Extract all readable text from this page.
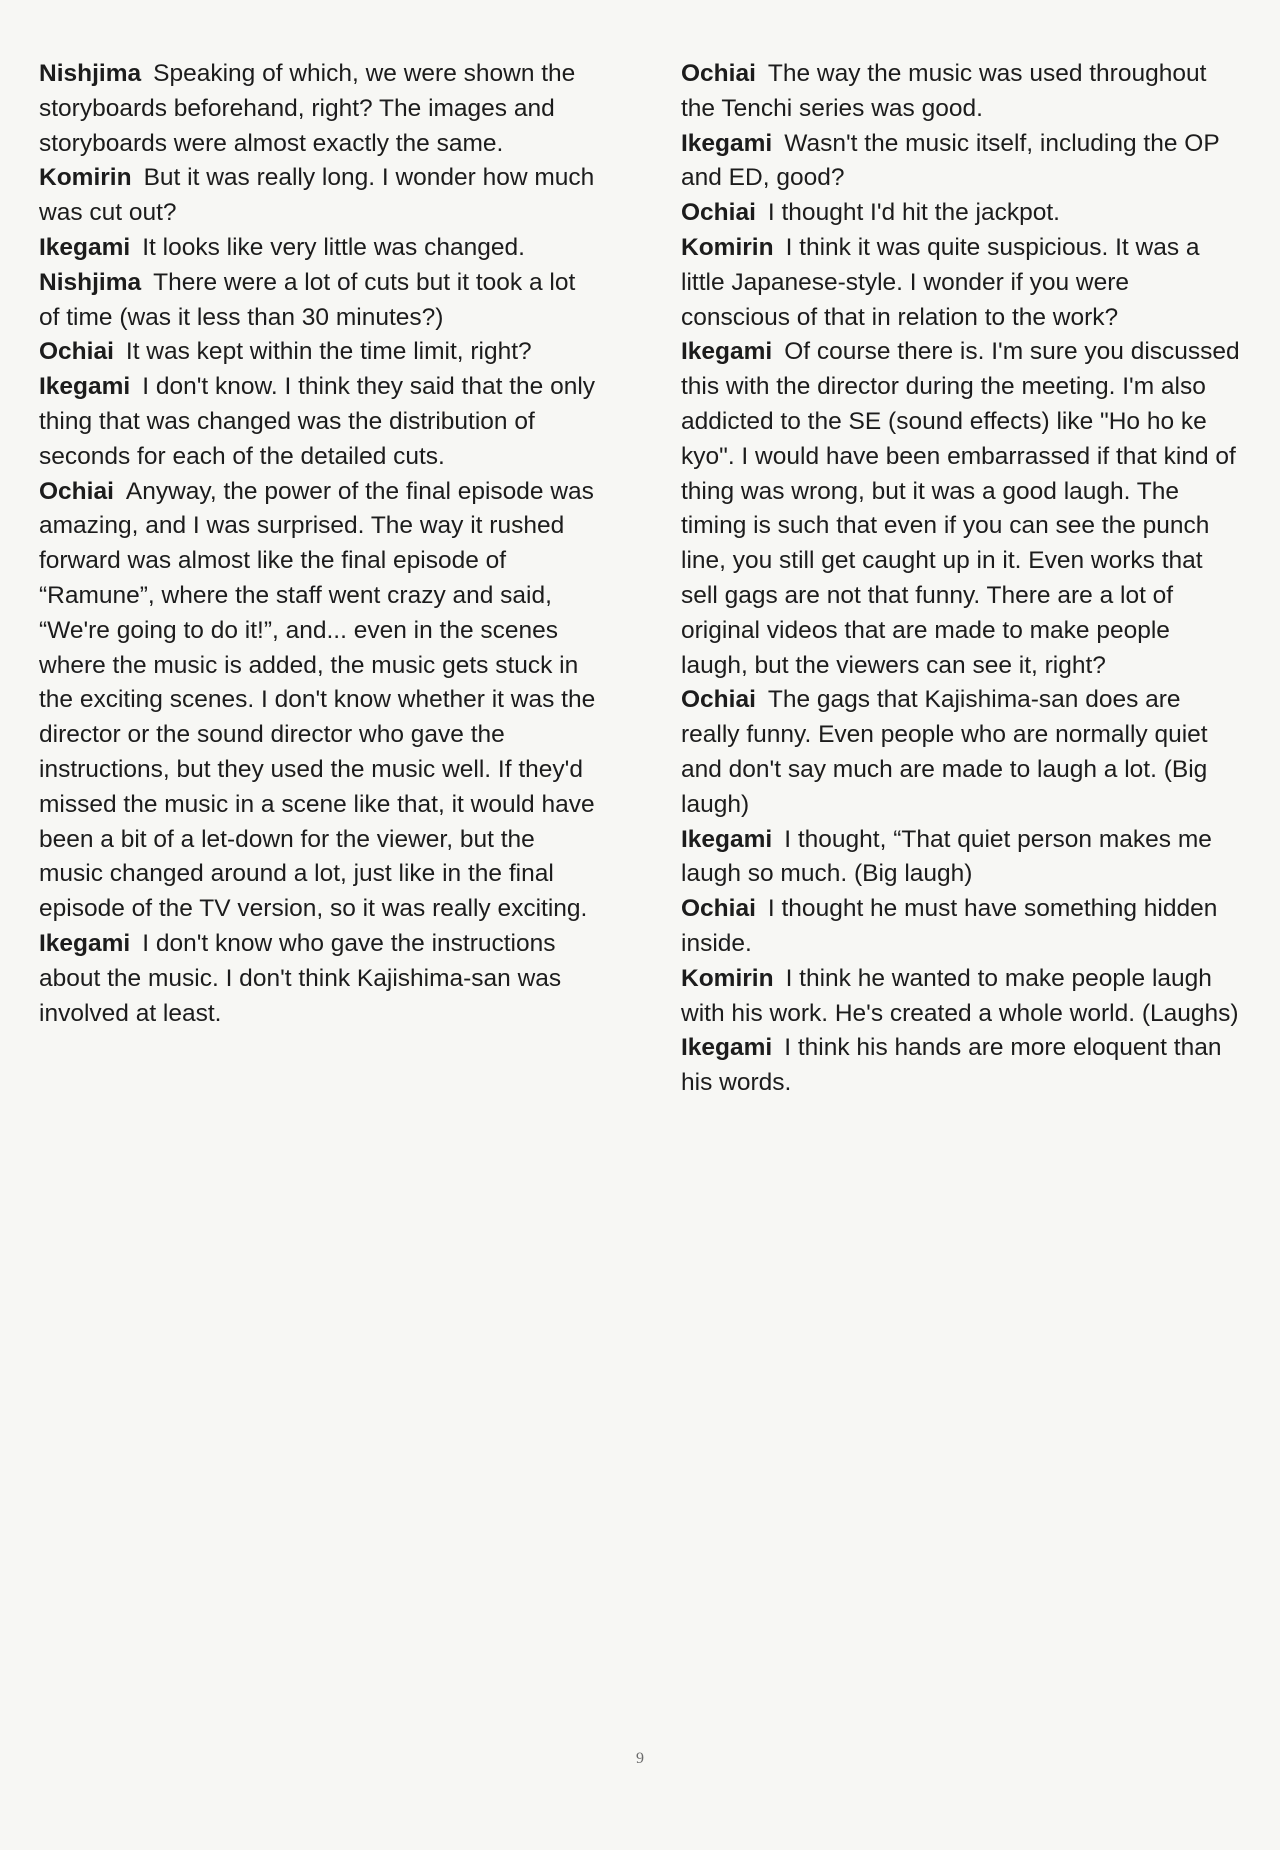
Nishjima Speaking of which, we were shown the storyboards beforehand, right? The images and storyboards were almost exactly the same.

Komirin But it was really long. I wonder how much was cut out?

Ikegami It looks like very little was changed.

Nishjima There were a lot of cuts but it took a lot of time (was it less than 30 minutes?)

Ochiai It was kept within the time limit, right?

Ikegami I don't know. I think they said that the only thing that was changed was the distribution of seconds for each of the detailed cuts.

Ochiai Anyway, the power of the final episode was amazing, and I was surprised. The way it rushed forward was almost like the final episode of “Ramune”, where the staff went crazy and said, “We're going to do it!”, and... even in the scenes where the music is added, the music gets stuck in the exciting scenes. I don't know whether it was the director or the sound director who gave the instructions, but they used the music well. If they'd missed the music in a scene like that, it would have been a bit of a let-down for the viewer, but the music changed around a lot, just like in the final episode of the TV version, so it was really exciting.

Ikegami I don't know who gave the instructions about the music. I don't think Kajishima-san was involved at least.

Ochiai The way the music was used throughout the Tenchi series was good.

Ikegami Wasn't the music itself, including the OP and ED, good?

Ochiai I thought I'd hit the jackpot.

Komirin I think it was quite suspicious. It was a little Japanese-style. I wonder if you were conscious of that in relation to the work?

Ikegami Of course there is. I'm sure you discussed this with the director during the meeting. I'm also addicted to the SE (sound effects) like "Ho ho ke kyo". I would have been embarrassed if that kind of thing was wrong, but it was a good laugh. The timing is such that even if you can see the punch line, you still get caught up in it. Even works that sell gags are not that funny. There are a lot of original videos that are made to make people laugh, but the viewers can see it, right?

Ochiai The gags that Kajishima-san does are really funny. Even people who are normally quiet and don't say much are made to laugh a lot. (Big laugh)

Ikegami I thought, “That quiet person makes me laugh so much. (Big laugh)

Ochiai I thought he must have something hidden inside.

Komirin I think he wanted to make people laugh with his work. He's created a whole world. (Laughs)

Ikegami I think his hands are more eloquent than his words.

9
